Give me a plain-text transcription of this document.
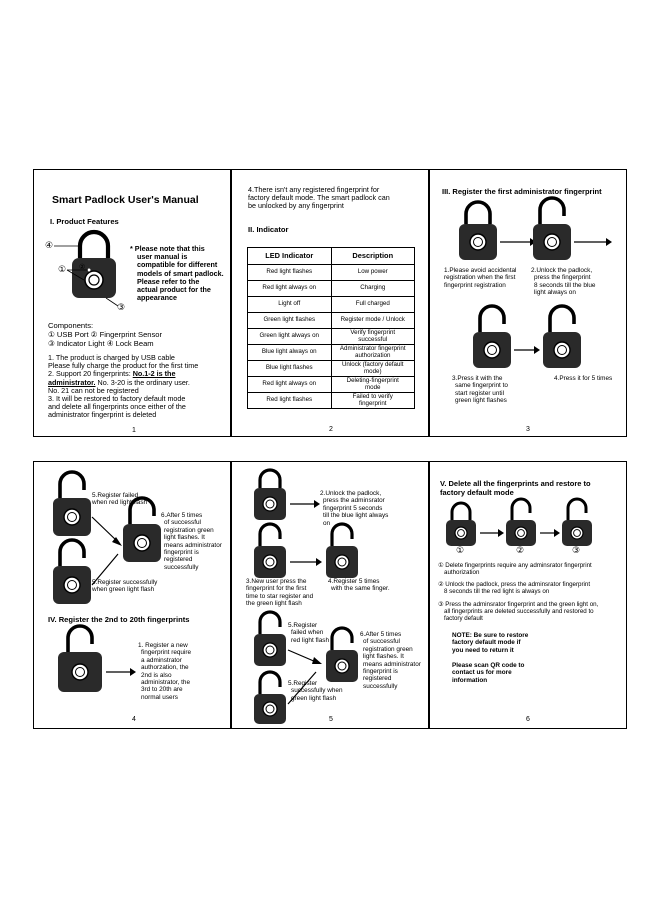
Smart Padlock User's Manual
I. Product Features
④
① ②
③
* Please note that this
user manual is
compatible for different
models of smart padlock.
Please refer to the
actual product for the
appearance
Components:
① USB Port ② Fingerprint Sensor
③ Indicator Light ④ Lock Beam
1. The product is charged by USB cable
Please fully charge the product for the first time
2. Support 20 fingerprints: No.1-2 is the
administrator. No. 3-20 is the ordinary user.
No. 21 can not be registered
3. It will be restored to factory default mode
and delete all fingerprints once either of the
administrator fingerprint is deleted
1
4.There isn't any registered fingerprint for
factory default mode. The smart padlock can
be unlocked by any fingerprint
II. Indicator
LED Indicator	Description
Red light flashes	Low power

Red light always on	Charging

Light off	Full charged

Green light flashes	Register mode / Unlock

Green light always on	Verify fingerprint
successful

Blue light always on	Administrator fingerprint
authorization

Blue light flashes	Unlock (factory default
mode)

Red light always on	Deleting-fingerprint
mode

Red light flashes	Failed to verify
fingerprint
2
III. Register the first administrator fingerprint
1.Please avoid accidental
registration when the first
fingerprint registration
2.Unlock the padlock,
press the fingerprint
8 seconds till the blue
light always on
3.Press it with the
same fingerprint to
start register until
green light flashes
4.Press it for 5 times
3
5.Register failed
when red light flash
6.After 5 times
of successful
registration green
light flashes. It
means administrator
fingerprint is
registered
successfully
5.Register successfully
when green light flash
IV. Register the 2nd to 20th fingerprints
1. Register a new
fingerprint require
a adminstrator
authorzation, the
2nd is also
administrator, the
3rd to 20th are
normal users
4
2.Unlock the padlock,
press the adminsrator
fingerprint 5 seconds
till the blue light always
on
3.New user press the
fingerprint for the first
time to star register and
the green light flash
4.Register 5 times
with the same finger.
5.Register
failed when
red light flash
6.After 5 times
of successful
registration green
light flashes. It
means administrator
fingerprint is
registered
successfully
5.Register
successfully when
green light flash
5
V. Delete all the fingerprints and restore to
factory default mode
①	②	③
① Delete fingerprints require any adminsrator fingerprint
authorization
② Unlock the padlock, press the adminsrator fingerprint
8 seconds till the red light is always on
③ Press the adminsrator fingerprint and the green light on,
all fingerprints are deleted successfully and restored to
factory default
NOTE: Be sure to restore
factory default mode if
you need to return it
Please scan QR code to
contact us for more
information
6
